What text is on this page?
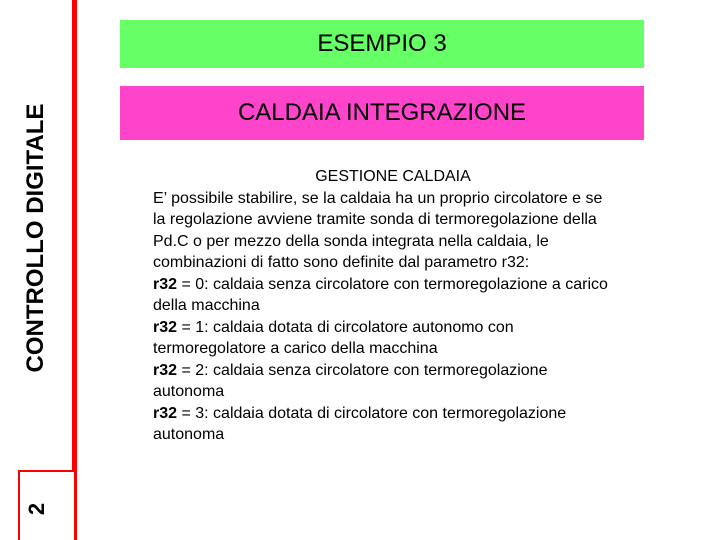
2
CONTROLLO DIGITALE
ESEMPIO 3
CALDAIA INTEGRAZIONE
GESTIONE CALDAIA

E’ possibile stabilire, se la caldaia ha un proprio circolatore e se la regolazione avviene tramite sonda di termoregolazione della Pd.C o per mezzo della sonda integrata nella caldaia, le combinazioni di fatto sono definite dal parametro r32:

r32 = 0: caldaia senza circolatore con termoregolazione a carico della macchina

r32 = 1: caldaia dotata di circolatore autonomo con termoregolatore a carico della macchina

r32 = 2: caldaia senza circolatore con termoregolazione autonoma

r32 = 3: caldaia dotata di circolatore con termoregolazione autonoma
